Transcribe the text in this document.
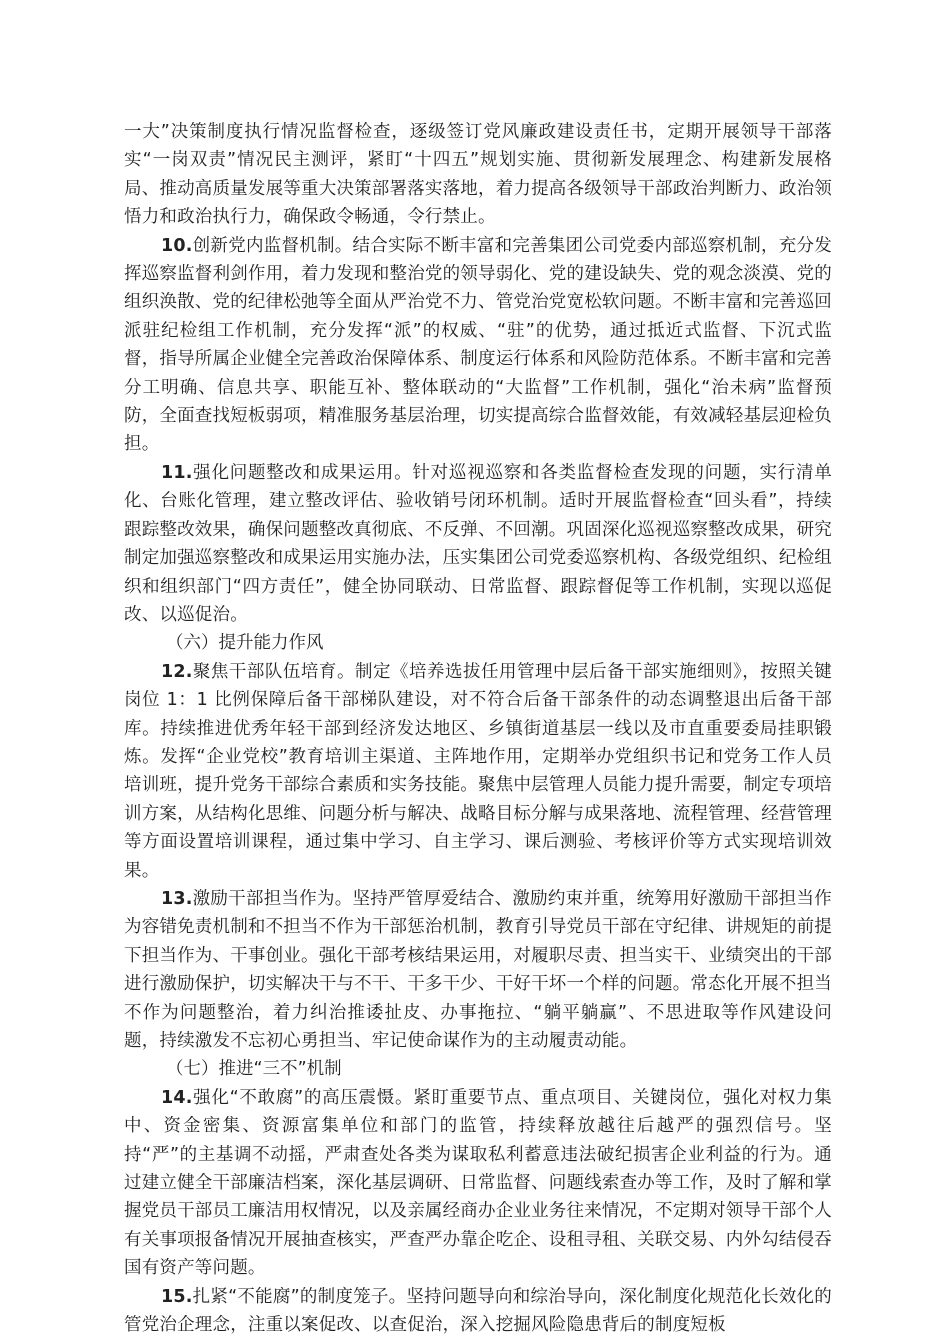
一大”决策制度执行情况监督检查，逐级签订党风廉政建设责任书，定期开展领导干部落实“一岗双责”情况民主测评，紧盯“十四五”规划实施、贯彻新发展理念、构建新发展格局、推动高质量发展等重大决策部署落实落地，着力提高各级领导干部政治判断力、政治领悟力和政治执行力，确保政令畅通，令行禁止。

10.创新党内监督机制。结合实际不断丰富和完善集团公司党委内部巡察机制，充分发挥巡察监督利剑作用，着力发现和整治党的领导弱化、党的建设缺失、党的观念淡漠、党的组织涣散、党的纪律松弛等全面从严治党不力、管党治党宽松软问题。不断丰富和完善巡回派驻纪检组工作机制，充分发挥“派”的权威、“驻”的优势，通过抵近式监督、下沉式监督，指导所属企业健全完善政治保障体系、制度运行体系和风险防范体系。不断丰富和完善分工明确、信息共享、职能互补、整体联动的“大监督”工作机制，强化“治未病”监督预防，全面查找短板弱项，精准服务基层治理，切实提高综合监督效能，有效减轻基层迎检负担。

11.强化问题整改和成果运用。针对巡视巡察和各类监督检查发现的问题，实行清单化、台账化管理，建立整改评估、验收销号闭环机制。适时开展监督检查“回头看”，持续跟踪整改效果，确保问题整改真彻底、不反弹、不回潮。巩固深化巡视巡察整改成果，研究制定加强巡察整改和成果运用实施办法，压实集团公司党委巡察机构、各级党组织、纪检组织和组织部门“四方责任”，健全协同联动、日常监督、跟踪督促等工作机制，实现以巡促改、以巡促治。

（六）提升能力作风

12.聚焦干部队伍培育。制定《培养选拔任用管理中层后备干部实施细则》，按照关键岗位 1：1 比例保障后备干部梯队建设，对不符合后备干部条件的动态调整退出后备干部库。持续推进优秀年轻干部到经济发达地区、乡镇街道基层一线以及市直重要委局挂职锻炼。发挥“企业党校”教育培训主渠道、主阵地作用，定期举办党组织书记和党务工作人员培训班，提升党务干部综合素质和实务技能。聚焦中层管理人员能力提升需要，制定专项培训方案，从结构化思维、问题分析与解决、战略目标分解与成果落地、流程管理、经营管理等方面设置培训课程，通过集中学习、自主学习、课后测验、考核评价等方式实现培训效果。

13.激励干部担当作为。坚持严管厚爱结合、激励约束并重，统筹用好激励干部担当作为容错免责机制和不担当不作为干部惩治机制，教育引导党员干部在守纪律、讲规矩的前提下担当作为、干事创业。强化干部考核结果运用，对履职尽责、担当实干、业绩突出的干部进行激励保护，切实解决干与不干、干多干少、干好干坏一个样的问题。常态化开展不担当不作为问题整治，着力纠治推诿扯皮、办事拖拉、“躺平躺赢”、不思进取等作风建设问题，持续激发不忘初心勇担当、牢记使命谋作为的主动履责动能。

（七）推进“三不”机制

14.强化“不敢腐”的高压震慑。紧盯重要节点、重点项目、关键岗位，强化对权力集中、资金密集、资源富集单位和部门的监管，持续释放越往后越严的强烈信号。坚持“严”的主基调不动摇，严肃查处各类为谋取私利蓄意违法破纪损害企业利益的行为。通过建立健全干部廉洁档案，深化基层调研、日常监督、问题线索查办等工作，及时了解和掌握党员干部员工廉洁用权情况，以及亲属经商办企业业务往来情况，不定期对领导干部个人有关事项报备情况开展抽查核实，严查严办靠企吃企、设租寻租、关联交易、内外勾结侵吞国有资产等问题。

15.扎紧“不能腐”的制度笼子。坚持问题导向和综治导向，深化制度化规范化长效化的管党治企理念，注重以案促改、以查促治，深入挖掘风险隐患背后的制度短板
